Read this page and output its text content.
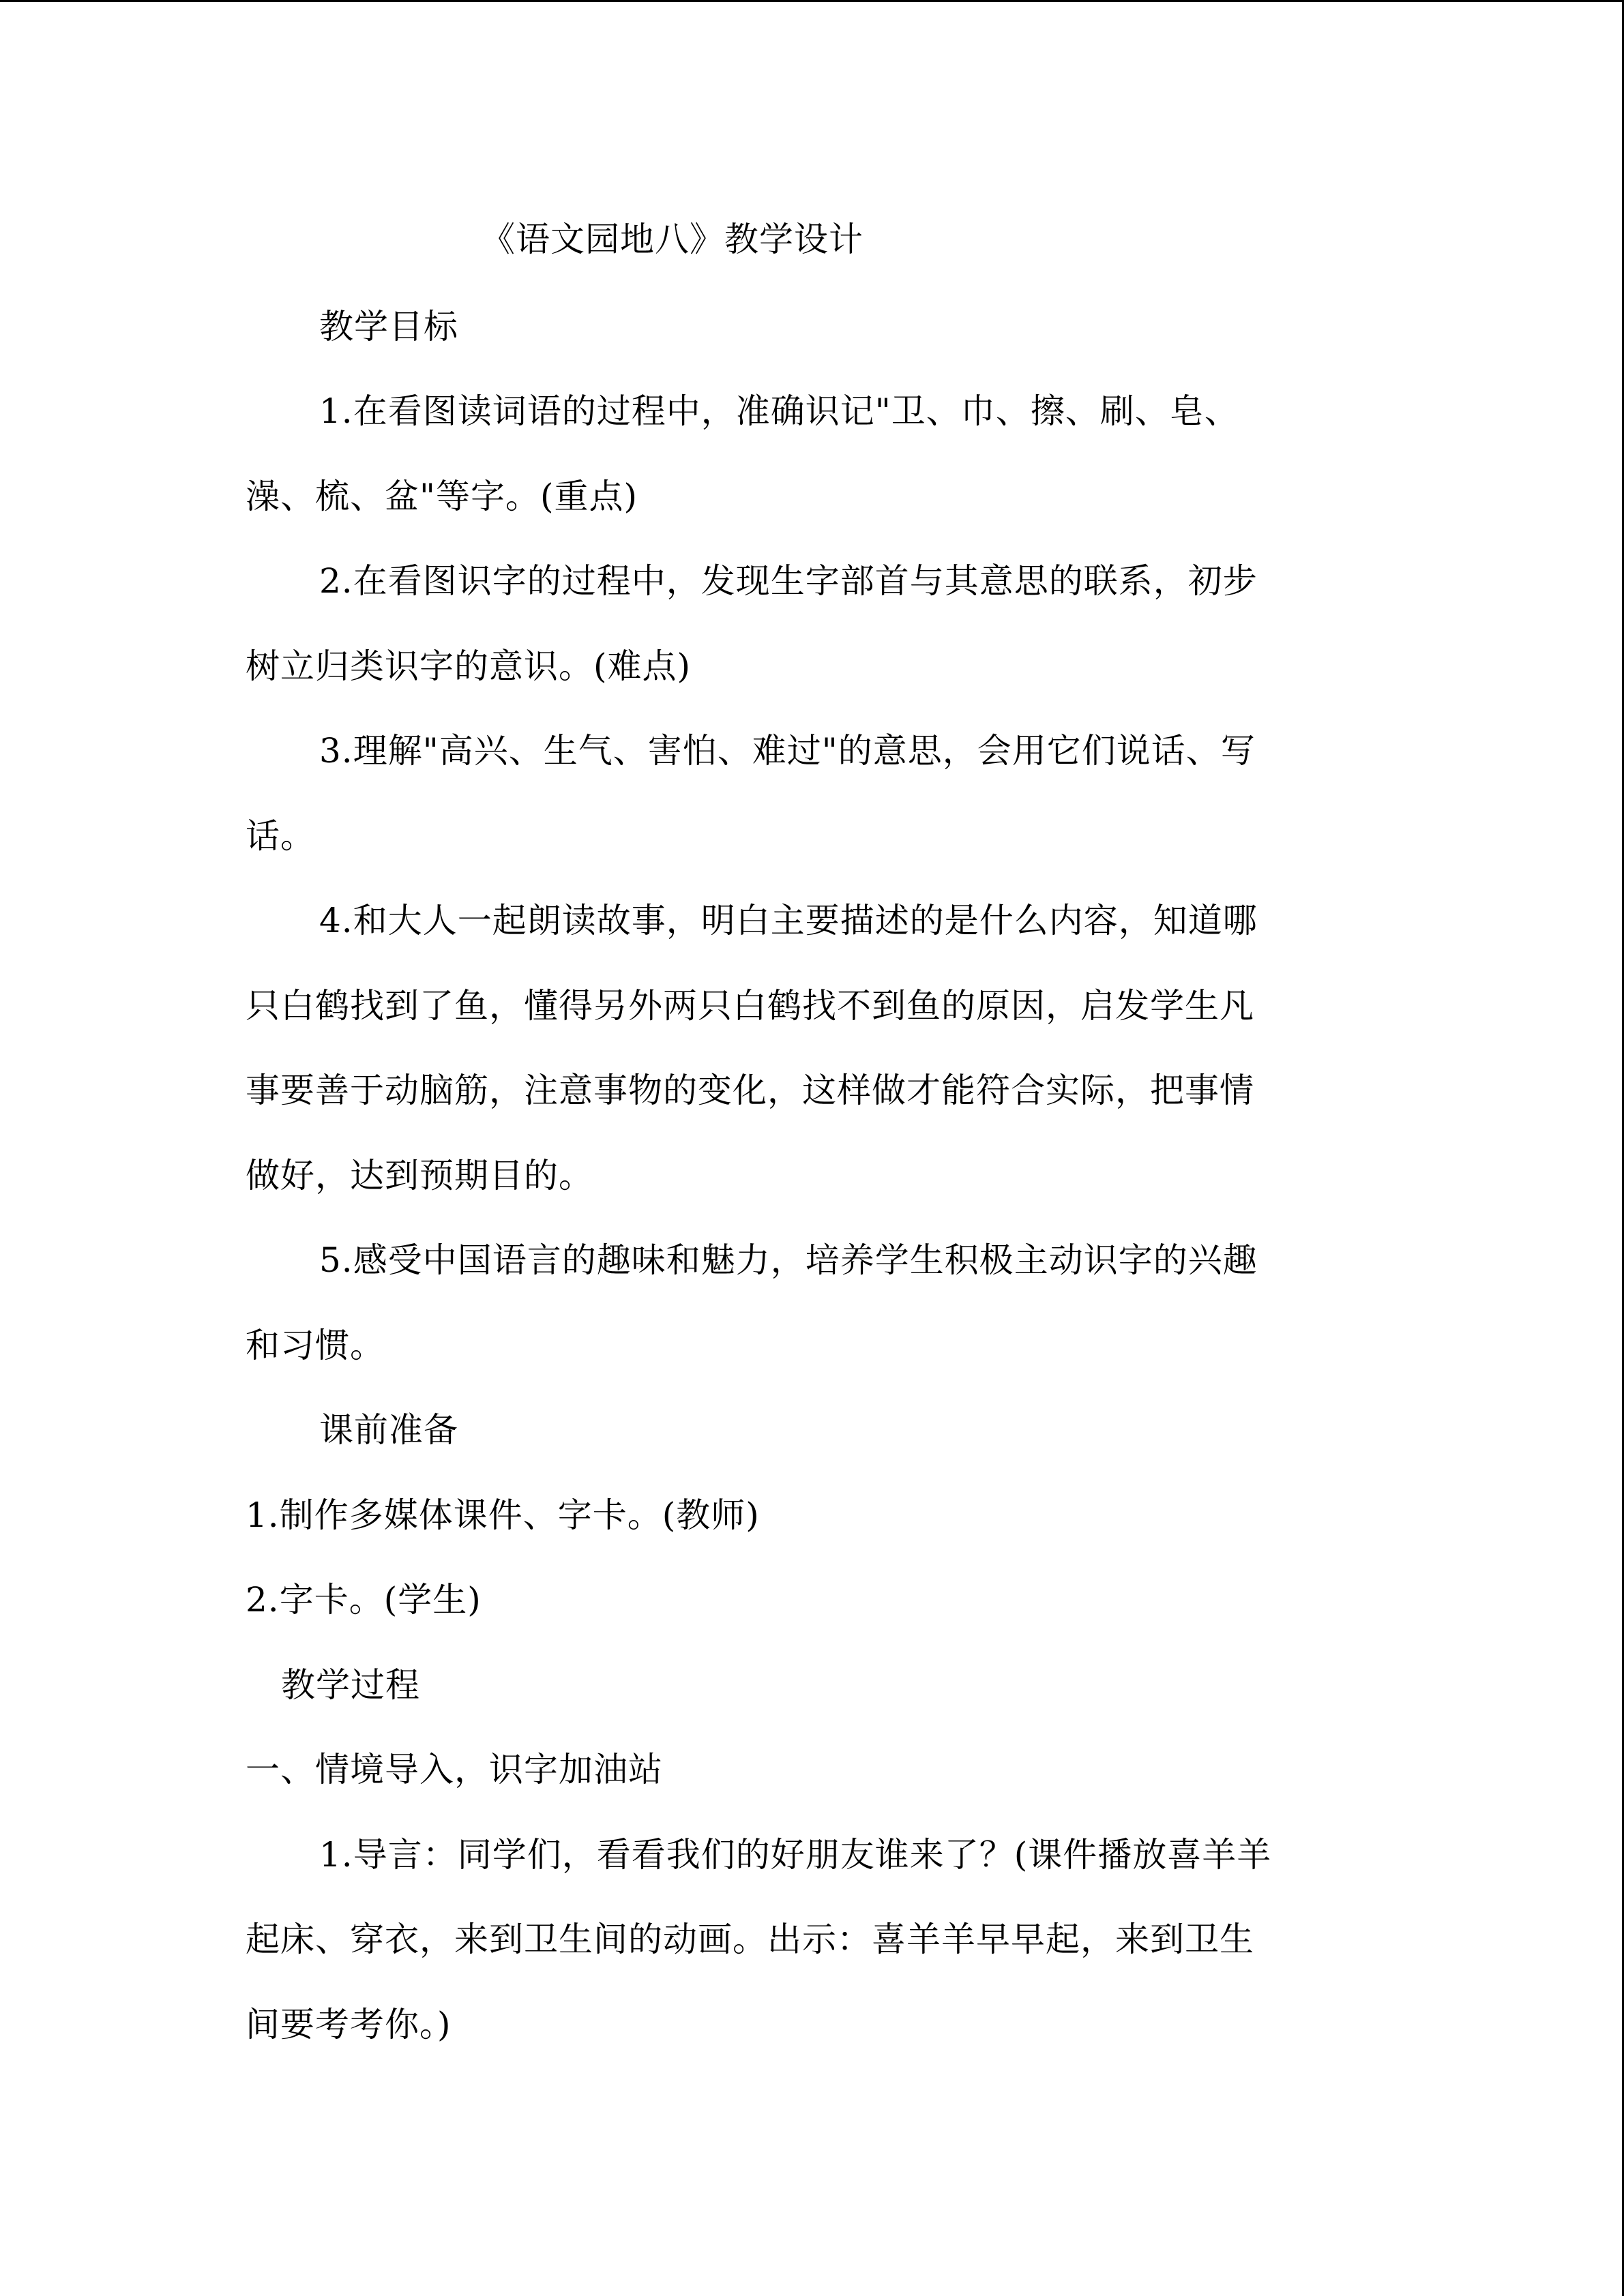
《语文园地八》教学设计
教学目标
1.在看图读词语的过程中，准确识记"卫、巾、擦、刷、皂、
澡、梳、盆"等字。(重点)
2.在看图识字的过程中，发现生字部首与其意思的联系，初步
树立归类识字的意识。(难点)
3.理解"高兴、生气、害怕、难过"的意思，会用它们说话、写
话。
4.和大人一起朗读故事，明白主要描述的是什么内容，知道哪
只白鹤找到了鱼，懂得另外两只白鹤找不到鱼的原因，启发学生凡
事要善于动脑筋，注意事物的变化，这样做才能符合实际，把事情
做好，达到预期目的。
5.感受中国语言的趣味和魅力，培养学生积极主动识字的兴趣
和习惯。
课前准备
1.制作多媒体课件、字卡。(教师)
2.字卡。(学生)
教学过程
一、情境导入，识字加油站
1.导言：同学们，看看我们的好朋友谁来了？(课件播放喜羊羊
起床、穿衣，来到卫生间的动画。出示：喜羊羊早早起，来到卫生
间要考考你。)
